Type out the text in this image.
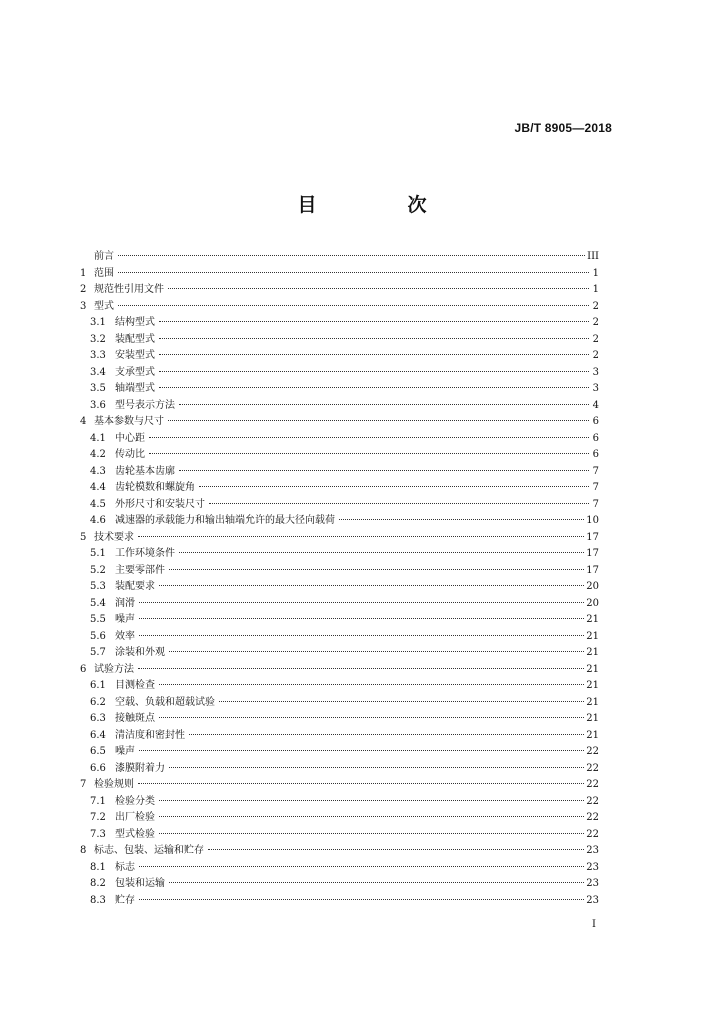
JB/T 8905—2018
目　次
前言	III
1 范围	1
2 规范性引用文件	1
3 型式	2
3.1 结构型式	2
3.2 装配型式	2
3.3 安装型式	2
3.4 支承型式	3
3.5 轴端型式	3
3.6 型号表示方法	4
4 基本参数与尺寸	6
4.1 中心距	6
4.2 传动比	6
4.3 齿轮基本齿廓	7
4.4 齿轮模数和螺旋角	7
4.5 外形尺寸和安装尺寸	7
4.6 减速器的承载能力和输出轴端允许的最大径向载荷	10
5 技术要求	17
5.1 工作环境条件	17
5.2 主要零部件	17
5.3 装配要求	20
5.4 润滑	20
5.5 噪声	21
5.6 效率	21
5.7 涂装和外观	21
6 试验方法	21
6.1 目测检查	21
6.2 空载、负载和超载试验	21
6.3 接触斑点	21
6.4 清洁度和密封性	21
6.5 噪声	22
6.6 漆膜附着力	22
7 检验规则	22
7.1 检验分类	22
7.2 出厂检验	22
7.3 型式检验	22
8 标志、包装、运输和贮存	23
8.1 标志	23
8.2 包装和运输	23
8.3 贮存	23
I
